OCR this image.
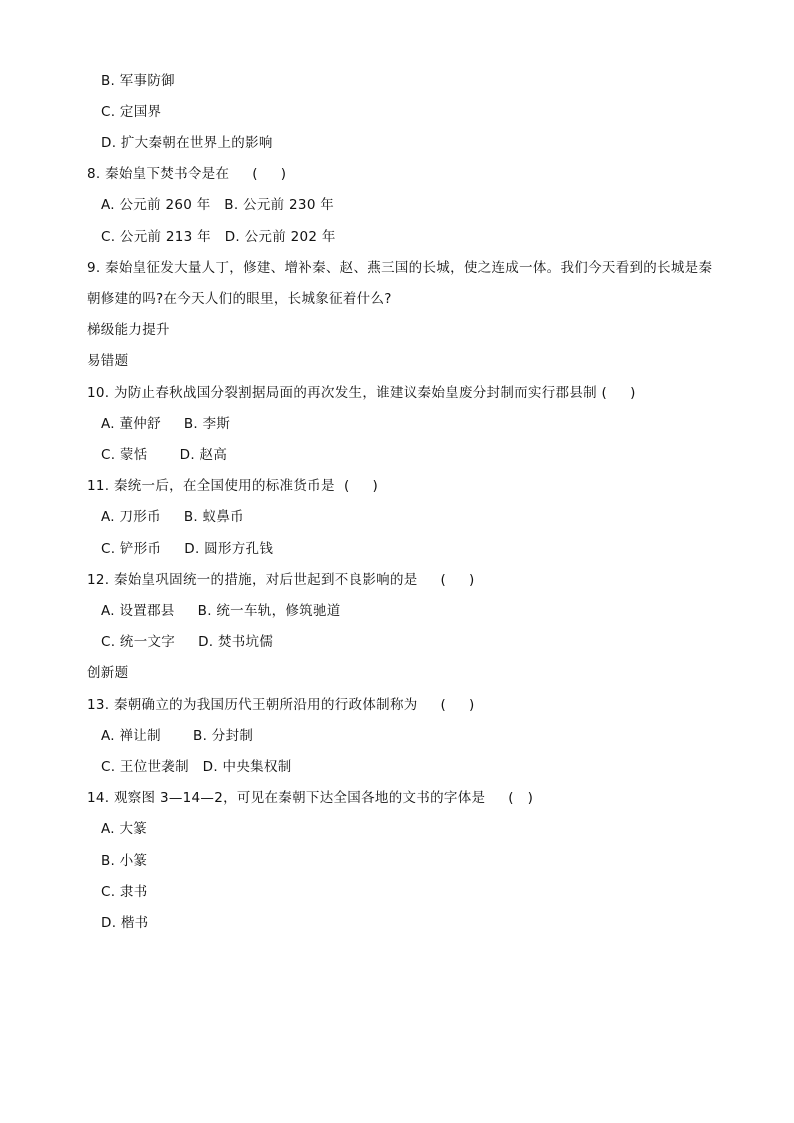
B. 军事防御
C. 定国界
D. 扩大秦朝在世界上的影响
8. 秦始皇下焚书令是在     (     )
A. 公元前 260 年   B. 公元前 230 年
C. 公元前 213 年   D. 公元前 202 年
9. 秦始皇征发大量人丁，修建、增补秦、赵、燕三国的长城，使之连成一体。我们今天看到的长城是秦
朝修建的吗?在今天人们的眼里，长城象征着什么?
梯级能力提升
易错题
10. 为防止春秋战国分裂割据局面的再次发生，谁建议秦始皇废分封制而实行郡县制 (     )
A. 董仲舒     B. 李斯
C. 蒙恬       D. 赵高
11. 秦统一后，在全国使用的标准货币是  (     )
A. 刀形币     B. 蚁鼻币
C. 铲形币     D. 圆形方孔钱
12. 秦始皇巩固统一的措施，对后世起到不良影响的是     (     )
A. 设置郡县     B. 统一车轨，修筑驰道
C. 统一文字     D. 焚书坑儒
创新题
13. 秦朝确立的为我国历代王朝所沿用的行政体制称为     (     )
A. 禅让制       B. 分封制
C. 王位世袭制   D. 中央集权制
14. 观察图 3—14—2，可见在秦朝下达全国各地的文书的字体是     (   )
A. 大篆
B. 小篆
C. 隶书
D. 楷书
